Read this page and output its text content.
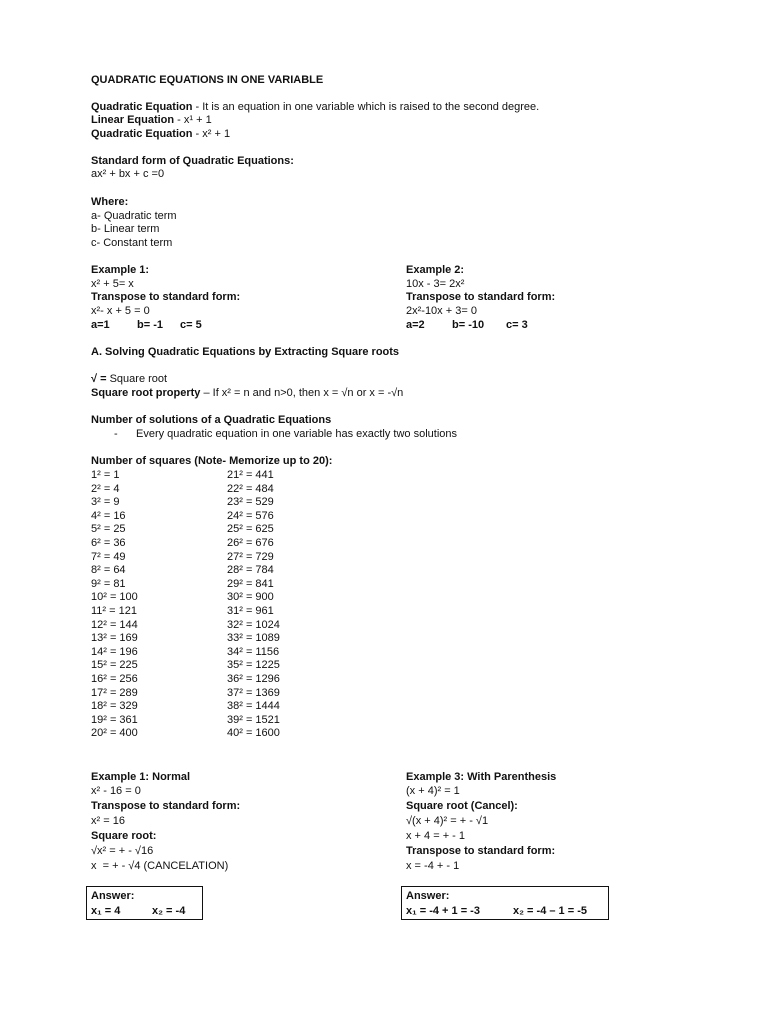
QUADRATIC EQUATIONS IN ONE VARIABLE
Quadratic Equation - It is an equation in one variable which is raised to the second degree.
Linear Equation - x¹ + 1
Quadratic Equation - x² + 1
Standard form of Quadratic Equations:
ax² + bx + c =0
Where:
a- Quadratic term
b- Linear term
c- Constant term
Example 1:
x² + 5= x
Transpose to standard form:
x²- x + 5 = 0
a=1 b= -1 c= 5
Example 2:
10x - 3= 2x²
Transpose to standard form:
2x²-10x + 3= 0
a=2 b= -10 c= 3
A. Solving Quadratic Equations by Extracting Square roots
√ = Square root
Square root property – If x² = n and n>0, then x = √n or x = -√n
Number of solutions of a Quadratic Equations
- Every quadratic equation in one variable has exactly two solutions
Number of squares (Note- Memorize up to 20):
1² = 1
2² = 4
3² = 9
4² = 16
5² = 25
6² = 36
7² = 49
8² = 64
9² = 81
10² = 100
11² = 121
12² = 144
13² = 169
14² = 196
15² = 225
16² = 256
17² = 289
18² = 329
19² = 361
20² = 400
21² = 441
22² = 484
23² = 529
24² = 576
25² = 625
26² = 676
27² = 729
28² = 784
29² = 841
30² = 900
31² = 961
32² = 1024
33² = 1089
34² = 1156
35² = 1225
36² = 1296
37² = 1369
38² = 1444
39² = 1521
40² = 1600
Example 1: Normal
x² - 16 = 0
Transpose to standard form:
x² = 16
Square root:
√x² = + - √16
x  = + - √4 (CANCELATION)
Answer:
x₁ = 4	x₂ = -4
Example 3: With Parenthesis
(x + 4)² = 1
Square root (Cancel):
√(x + 4)² = + - √1
x + 4 = + - 1
Transpose to standard form:
x = -4 + - 1
Answer:
x₁ = -4 + 1 = -3	x₂ = -4 – 1 = -5
